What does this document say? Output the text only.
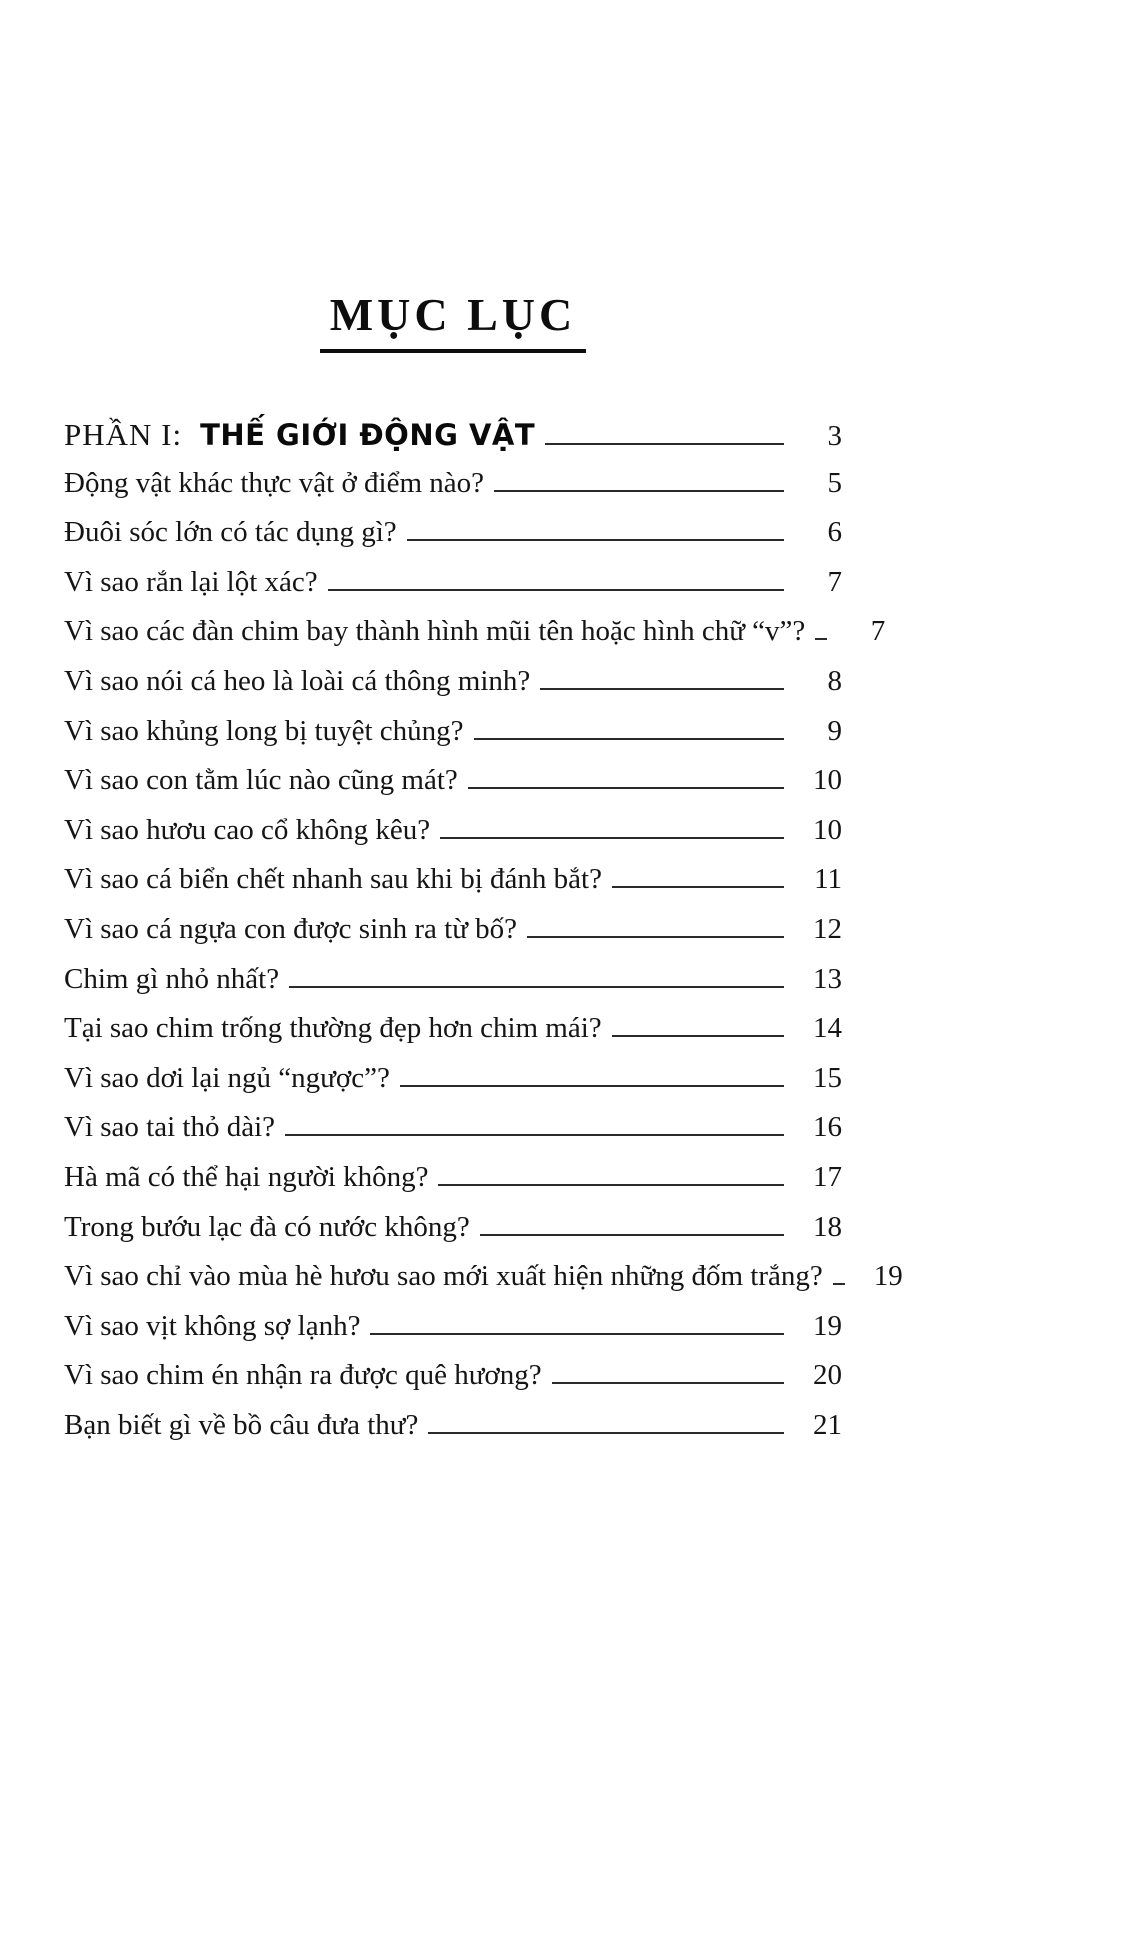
MỤC LỤC
PHẦN I: THẾ GIỚI ĐỘNG VẬT	3
Động vật khác thực vật ở điểm nào?	5
Đuôi sóc lớn có tác dụng gì?	6
Vì sao rắn lại lột xác?	7
Vì sao các đàn chim bay thành hình mũi tên hoặc hình chữ “v”?	7
Vì sao nói cá heo là loài cá thông minh?	8
Vì sao khủng long bị tuyệt chủng?	9
Vì sao con tằm lúc nào cũng mát?	10
Vì sao hươu cao cổ không kêu?	10
Vì sao cá biển chết nhanh sau khi bị đánh bắt?	11
Vì sao cá ngựa con được sinh ra từ bố?	12
Chim gì nhỏ nhất?	13
Tại sao chim trống thường đẹp hơn chim mái?	14
Vì sao dơi lại ngủ “ngược”?	15
Vì sao tai thỏ dài?	16
Hà mã có thể hại người không?	17
Trong bướu lạc đà có nước không?	18
Vì sao chỉ vào mùa hè hươu sao mới xuất hiện những đốm trắng?	19
Vì sao vịt không sợ lạnh?	19
Vì sao chim én nhận ra được quê hương?	20
Bạn biết gì về bồ câu đưa thư?	21
